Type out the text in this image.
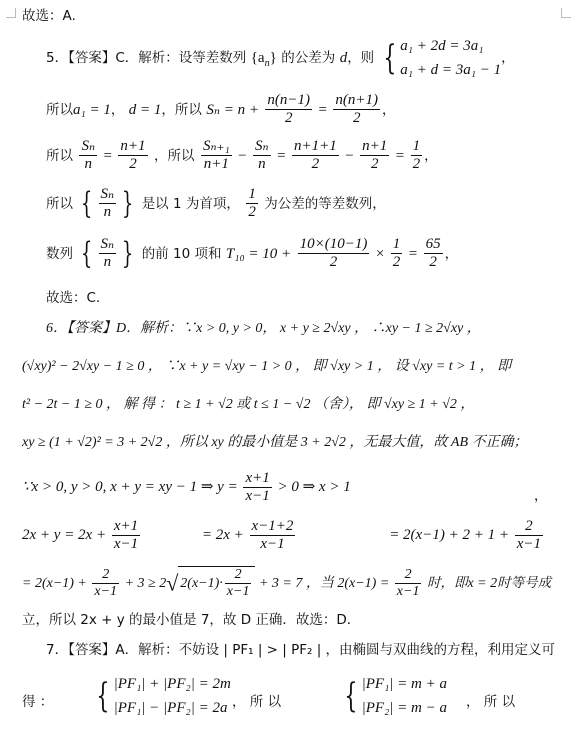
故选：A.
5．【答案】C．解析：设等差数列 $\{a_n\}$ 的公差为 d，则 { a₁ + 2d = 3a₁
a₁ + d = 3a₁ − 1
，
所以a₁ = 1， d = 1，所以 $S_n = n + \frac{n(n-1)}{2} = \frac{n(n+1)}{2}$ ，
所以 $\frac{\text{Sₙ}}{n} = \frac{n+1}{2}$ ，所以 $\frac{\text{Sₙ₊₁}}{n+1} - \frac{\text{Sₙ}}{n} = \frac{n+1+1}{2} - \frac{n+1}{2} = \frac{1}{2}$ ，
所以 { $\frac{\text{Sₙ}}{n}$ } 是以 1 为首项， $\frac{1}{2}$ 为公差的等差数列，
数列 { $\frac{\text{Sₙ}}{n}$ } 的前 10 项和 $T_{10} = 10 + \frac{10\times(10-1)}{2} \times \frac{1}{2} = \frac{65}{2}$ ，
故选：C.
6．【答案】D．解析：∵x > 0, y > 0， x + y ≥ 2√xy ， ∴xy − 1 ≥ 2√xy ，
(√xy)² − 2√xy − 1 ≥ 0 ， ∵x + y = √xy − 1 > 0 ， 即 √xy > 1 ， 设 √xy = t > 1 ， 即
t² − 2t − 1 ≥ 0 ， 解 得 ： t ≥ 1 + √2 或 t ≤ 1 − √2 （舍）， 即 √xy ≥ 1 + √2 ，
xy ≥ (1 + √2)² = 3 + 2√2 ，所以 xy 的最小值是 3 + 2√2 ，无最大值，故 AB 不正确；
∵x > 0, y > 0, x + y = xy − 1 ⇒ $y = \frac{x+1}{x-1} > 0$ ⇒ x > 1
，
$2x + y = 2x + \frac{x+1}{x-1}$	= $2x + \frac{x-1+2}{x-1}$	= $2(x-1) + 2 + 1 + \frac{2}{x-1}$
= $2(x-1) + \frac{2}{x-1} + 3 \ge 2√$ $2(x-1)\cdot \frac{2}{x-1} + 3 = 7$ ，当 $2(x-1) = \frac{2}{x-1}$ 时，即x = 2时等号成
立，所以 2x + y 的最小值是 7，故 D 正确．故选：D．
7．【答案】A．解析：不妨设 | PF₁ | > | PF₂ | ，由椭圆与双曲线的方程，利用定义可
得 ： { |PF₁| + |PF₂| = 2m
|PF₁| − |PF₂| = 2a ， 所 以 { |PF₁| = m + a
|PF₂| = m − a ， 所 以
